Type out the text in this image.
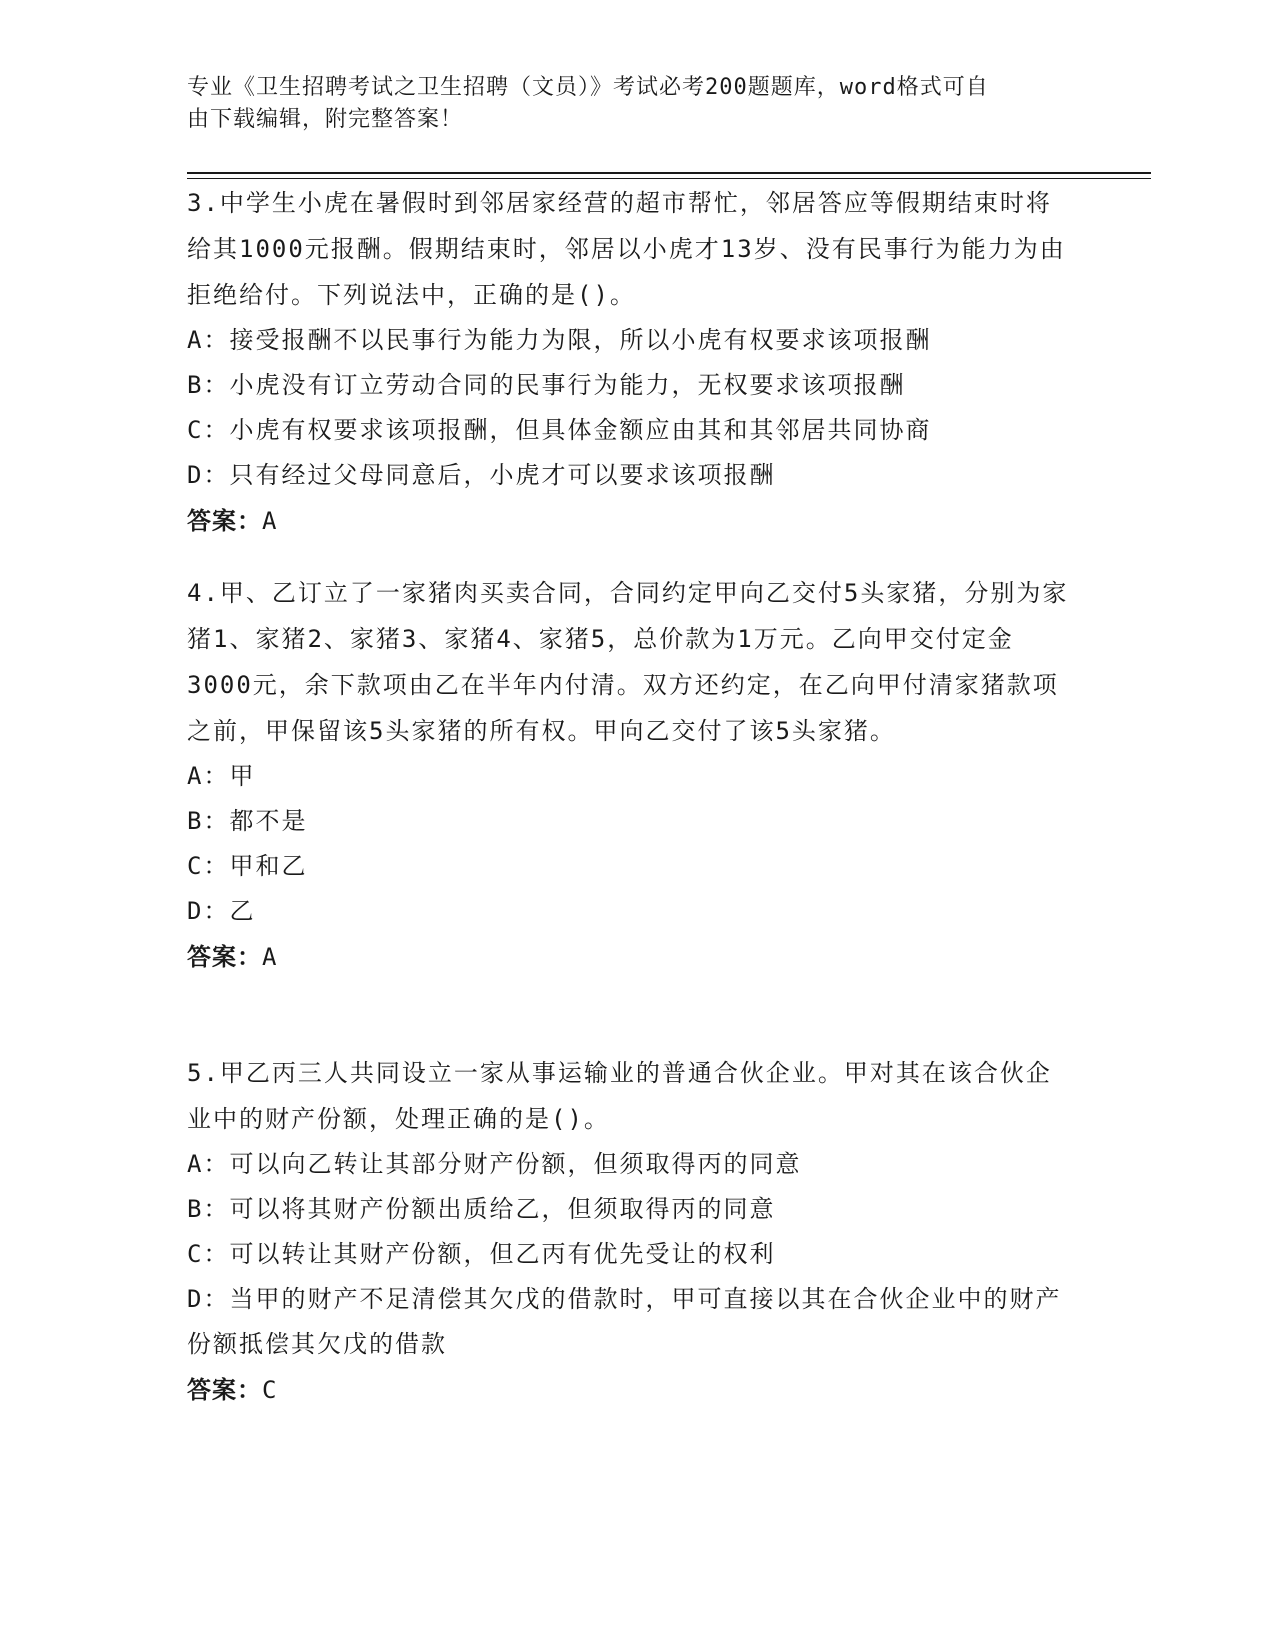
专业《卫生招聘考试之卫生招聘（文员）》考试必考200题题库，word格式可自
由下载编辑，附完整答案！
3.中学生小虎在暑假时到邻居家经营的超市帮忙，邻居答应等假期结束时将给其1000元报酬。假期结束时，邻居以小虎才13岁、没有民事行为能力为由拒绝给付。下列说法中，正确的是()。
A：接受报酬不以民事行为能力为限，所以小虎有权要求该项报酬
B：小虎没有订立劳动合同的民事行为能力，无权要求该项报酬
C：小虎有权要求该项报酬，但具体金额应由其和其邻居共同协商
D：只有经过父母同意后，小虎才可以要求该项报酬
答案：A
4.甲、乙订立了一家猪肉买卖合同，合同约定甲向乙交付5头家猪，分别为家猪1、家猪2、家猪3、家猪4、家猪5，总价款为1万元。乙向甲交付定金3000元，余下款项由乙在半年内付清。双方还约定，在乙向甲付清家猪款项之前，甲保留该5头家猪的所有权。甲向乙交付了该5头家猪。
A：甲
B：都不是
C：甲和乙
D：乙
答案：A
5.甲乙丙三人共同设立一家从事运输业的普通合伙企业。甲对其在该合伙企业中的财产份额，处理正确的是()。
A：可以向乙转让其部分财产份额，但须取得丙的同意
B：可以将其财产份额出质给乙，但须取得丙的同意
C：可以转让其财产份额，但乙丙有优先受让的权利
D：当甲的财产不足清偿其欠戊的借款时，甲可直接以其在合伙企业中的财产份额抵偿其欠戊的借款
答案：C
